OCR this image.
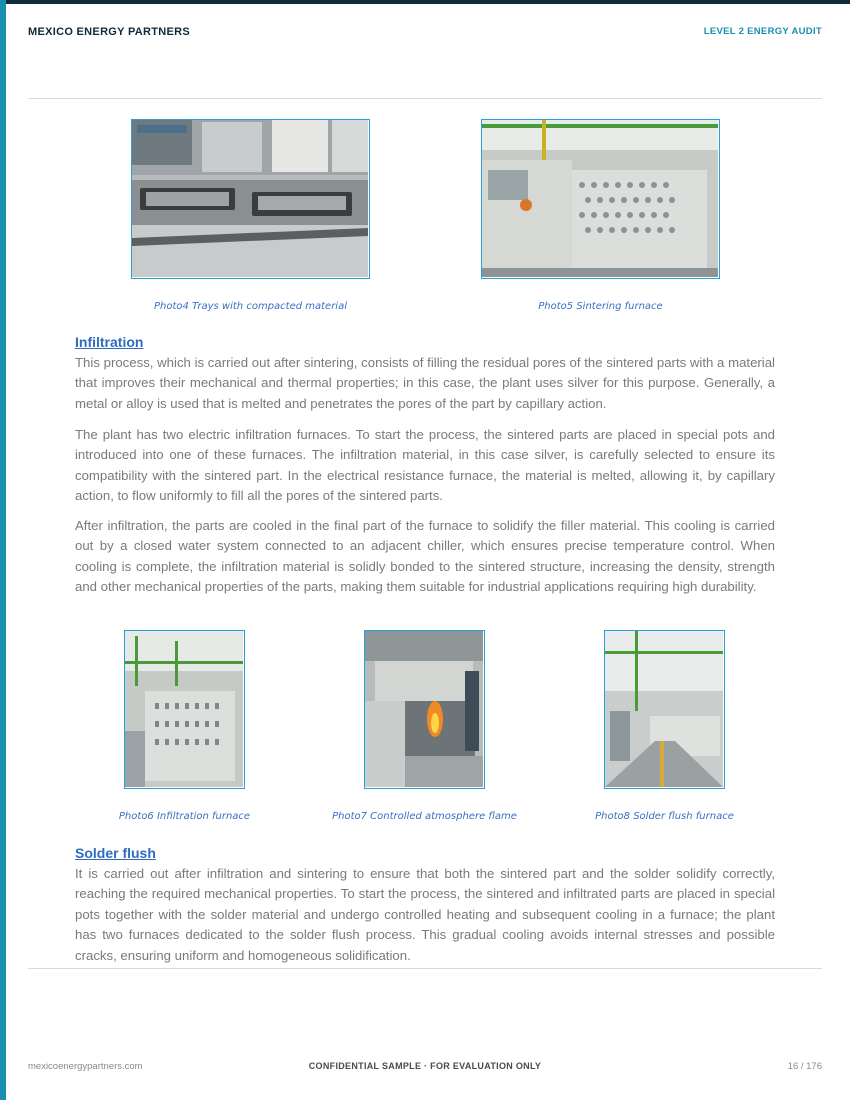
MEXICO ENERGY PARTNERS	LEVEL 2 ENERGY AUDIT
Photo4 Trays with compacted material	Photo5 Sintering furnace
Infiltration

This process, which is carried out after sintering, consists of filling the residual pores of the sintered parts with a material that improves their mechanical and thermal properties; in this case, the plant uses silver for this purpose. Generally, a metal or alloy is used that is melted and penetrates the pores of the part by capillary action.

The plant has two electric infiltration furnaces. To start the process, the sintered parts are placed in special pots and introduced into one of these furnaces. The infiltration material, in this case silver, is carefully selected to ensure its compatibility with the sintered part. In the electrical resistance furnace, the material is melted, allowing it, by capillary action, to flow uniformly to fill all the pores of the sintered parts.

After infiltration, the parts are cooled in the final part of the furnace to solidify the filler material. This cooling is carried out by a closed water system connected to an adjacent chiller, which ensures precise temperature control. When cooling is complete, the infiltration material is solidly bonded to the sintered structure, increasing the density, strength and other mechanical properties of the parts, making them suitable for industrial applications requiring high durability.

Photo6 Infiltration furnace	Photo7 Controlled atmosphere flame	Photo8 Solder flush furnace
Solder flush

It is carried out after infiltration and sintering to ensure that both the sintered part and the solder solidify correctly, reaching the required mechanical properties. To start the process, the sintered and infiltrated parts are placed in special pots together with the solder material and undergo controlled heating and subsequent cooling in a furnace; the plant has two furnaces dedicated to the solder flush process. This gradual cooling avoids internal stresses and possible cracks, ensuring uniform and homogeneous solidification.

mexicoenergypartners.com	CONFIDENTIAL SAMPLE · FOR EVALUATION ONLY	16 / 176
